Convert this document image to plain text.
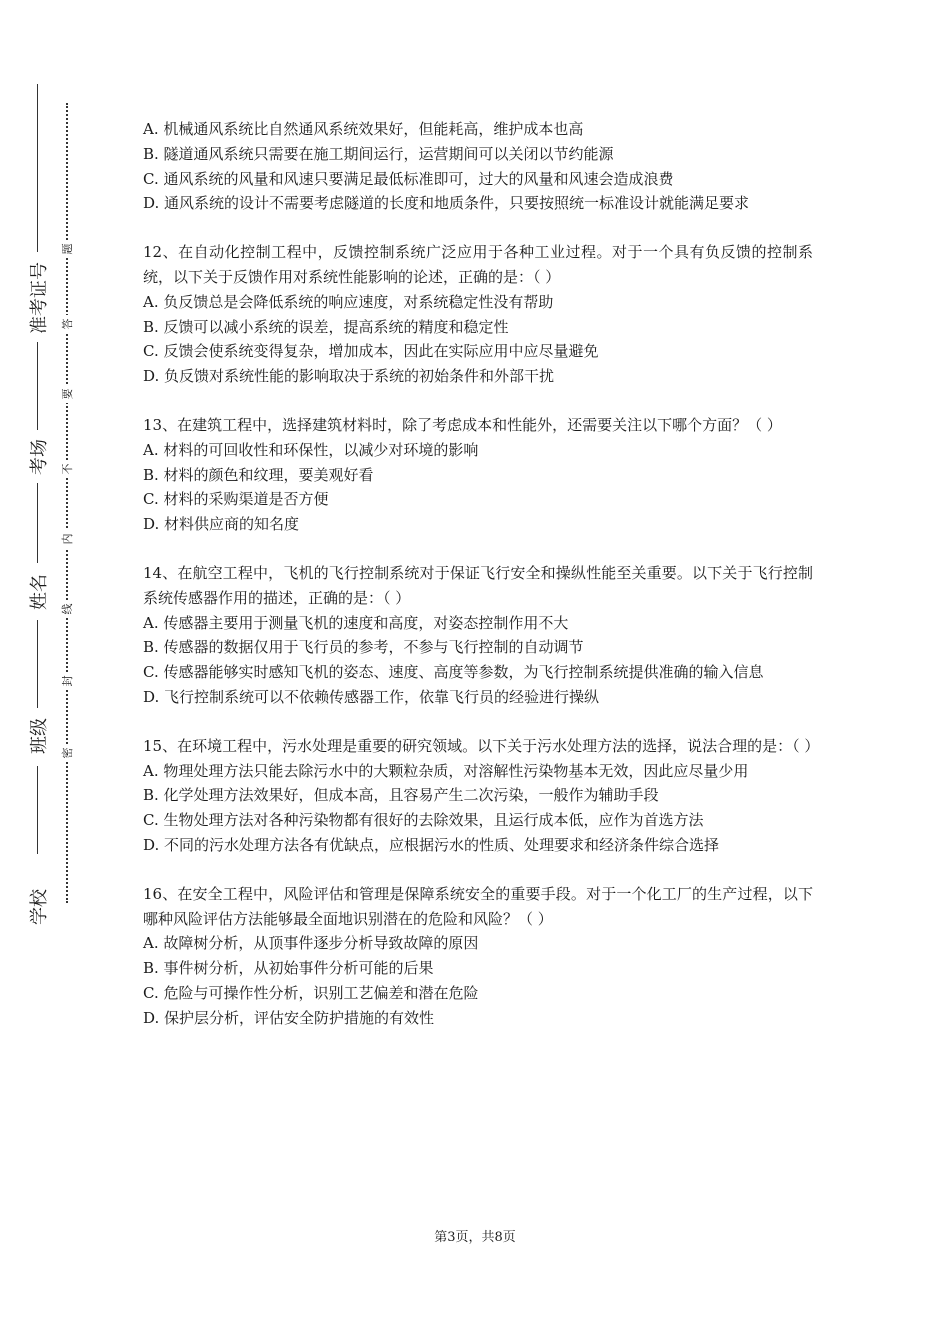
准考证号
考场
姓名
班级
学校
题
答
要
不
内
线
封
密

A. 机械通风系统比自然通风系统效果好，但能耗高，维护成本也高

B. 隧道通风系统只需要在施工期间运行，运营期间可以关闭以节约能源

C. 通风系统的风量和风速只要满足最低标准即可，过大的风量和风速会造成浪费

D. 通风系统的设计不需要考虑隧道的长度和地质条件，只要按照统一标准设计就能满足要求

12、在自动化控制工程中，反馈控制系统广泛应用于各种工业过程。对于一个具有负反馈的控制系统，以下关于反馈作用对系统性能影响的论述，正确的是：（ ）

A. 负反馈总是会降低系统的响应速度，对系统稳定性没有帮助

B. 反馈可以减小系统的误差，提高系统的精度和稳定性

C. 反馈会使系统变得复杂，增加成本，因此在实际应用中应尽量避免

D. 负反馈对系统性能的影响取决于系统的初始条件和外部干扰

13、在建筑工程中，选择建筑材料时，除了考虑成本和性能外，还需要关注以下哪个方面？（ ）

A. 材料的可回收性和环保性，以减少对环境的影响

B. 材料的颜色和纹理，要美观好看

C. 材料的采购渠道是否方便

D. 材料供应商的知名度

14、在航空工程中，飞机的飞行控制系统对于保证飞行安全和操纵性能至关重要。以下关于飞行控制系统传感器作用的描述，正确的是：（ ）

A. 传感器主要用于测量飞机的速度和高度，对姿态控制作用不大

B. 传感器的数据仅用于飞行员的参考，不参与飞行控制的自动调节

C. 传感器能够实时感知飞机的姿态、速度、高度等参数，为飞行控制系统提供准确的输入信息

D. 飞行控制系统可以不依赖传感器工作，依靠飞行员的经验进行操纵

15、在环境工程中，污水处理是重要的研究领域。以下关于污水处理方法的选择，说法合理的是：（ ）

A. 物理处理方法只能去除污水中的大颗粒杂质，对溶解性污染物基本无效，因此应尽量少用

B. 化学处理方法效果好，但成本高，且容易产生二次污染，一般作为辅助手段

C. 生物处理方法对各种污染物都有很好的去除效果，且运行成本低，应作为首选方法

D. 不同的污水处理方法各有优缺点，应根据污水的性质、处理要求和经济条件综合选择

16、在安全工程中，风险评估和管理是保障系统安全的重要手段。对于一个化工厂的生产过程，以下哪种风险评估方法能够最全面地识别潜在的危险和风险？（ ）

A. 故障树分析，从顶事件逐步分析导致故障的原因

B. 事件树分析，从初始事件分析可能的后果

C. 危险与可操作性分析，识别工艺偏差和潜在危险

D. 保护层分析，评估安全防护措施的有效性

第3页，共8页
